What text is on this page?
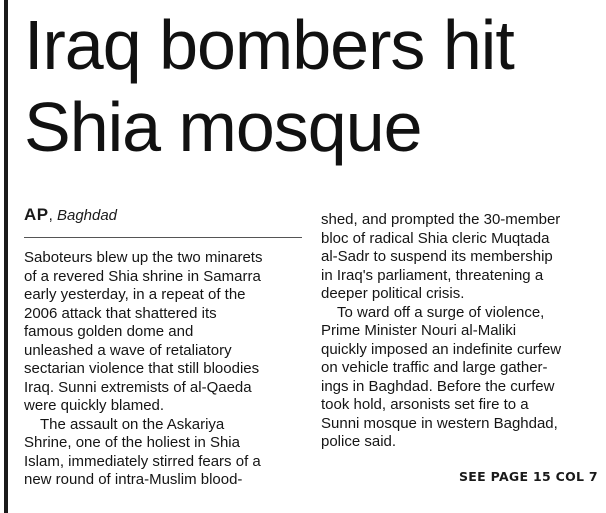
Iraq bombers hit
Shia mosque
AP, Baghdad
Saboteurs blew up the two minarets
of a revered Shia shrine in Samarra
early yesterday, in a repeat of the
2006 attack that shattered its
famous golden dome and
unleashed a wave of retaliatory
sectarian violence that still bloodies
Iraq. Sunni extremists of al-Qaeda
were quickly blamed.
The assault on the Askariya
Shrine, one of the holiest in Shia
Islam, immediately stirred fears of a
new round of intra-Muslim blood-
shed, and prompted the 30-member
bloc of radical Shia cleric Muqtada
al-Sadr to suspend its membership
in Iraq's parliament, threatening a
deeper political crisis.
To ward off a surge of violence,
Prime Minister Nouri al-Maliki
quickly imposed an indefinite curfew
on vehicle traffic and large gather-
ings in Baghdad. Before the curfew
took hold, arsonists set fire to a
Sunni mosque in western Baghdad,
police said.
SEE PAGE 15 COL 7
